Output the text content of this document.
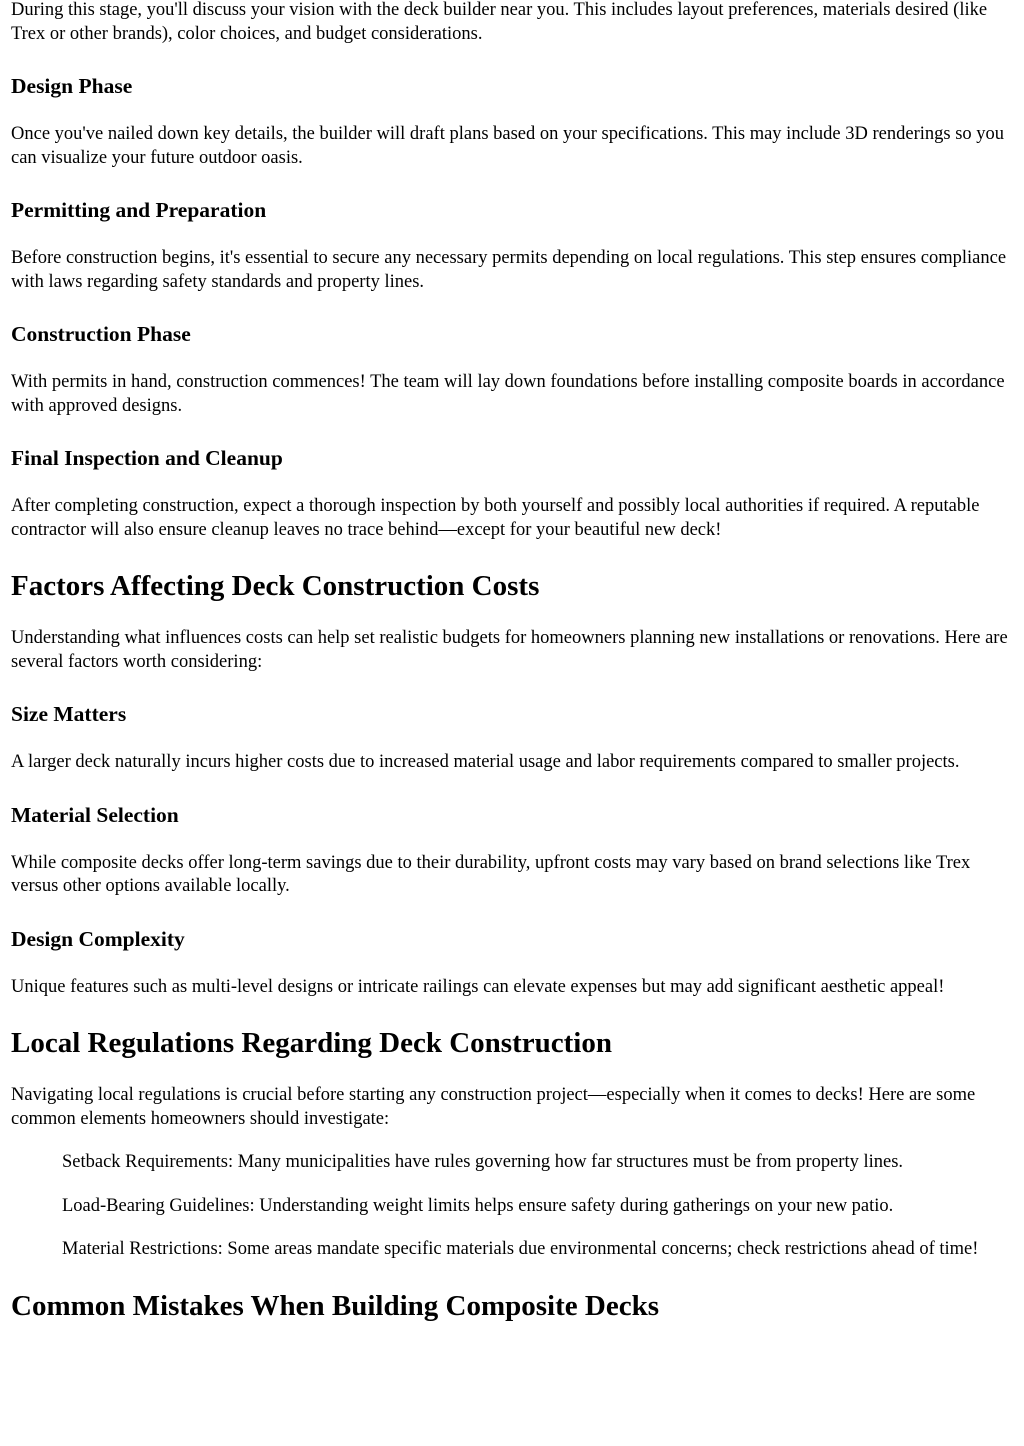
During this stage, you'll discuss your vision with the deck builder near you. This includes layout preferences, materials desired (like Trex or other brands), color choices, and budget considerations.

Design Phase

Once you've nailed down key details, the builder will draft plans based on your specifications. This may include 3D renderings so you can visualize your future outdoor oasis.

Permitting and Preparation

Before construction begins, it's essential to secure any necessary permits depending on local regulations. This step ensures compliance with laws regarding safety standards and property lines.

Construction Phase

With permits in hand, construction commences! The team will lay down foundations before installing composite boards in accordance with approved designs.

Final Inspection and Cleanup

After completing construction, expect a thorough inspection by both yourself and possibly local authorities if required. A reputable contractor will also ensure cleanup leaves no trace behind—except for your beautiful new deck!

Factors Affecting Deck Construction Costs

Understanding what influences costs can help set realistic budgets for homeowners planning new installations or renovations. Here are several factors worth considering:

Size Matters

A larger deck naturally incurs higher costs due to increased material usage and labor requirements compared to smaller projects.

Material Selection

While composite decks offer long-term savings due to their durability, upfront costs may vary based on brand selections like Trex versus other options available locally.

Design Complexity

Unique features such as multi-level designs or intricate railings can elevate expenses but may add significant aesthetic appeal!

Local Regulations Regarding Deck Construction

Navigating local regulations is crucial before starting any construction project—especially when it comes to decks! Here are some common elements homeowners should investigate:

Setback Requirements: Many municipalities have rules governing how far structures must be from property lines.
Load-Bearing Guidelines: Understanding weight limits helps ensure safety during gatherings on your new patio.
Material Restrictions: Some areas mandate specific materials due environmental concerns; check restrictions ahead of time!
Common Mistakes When Building Composite Decks
